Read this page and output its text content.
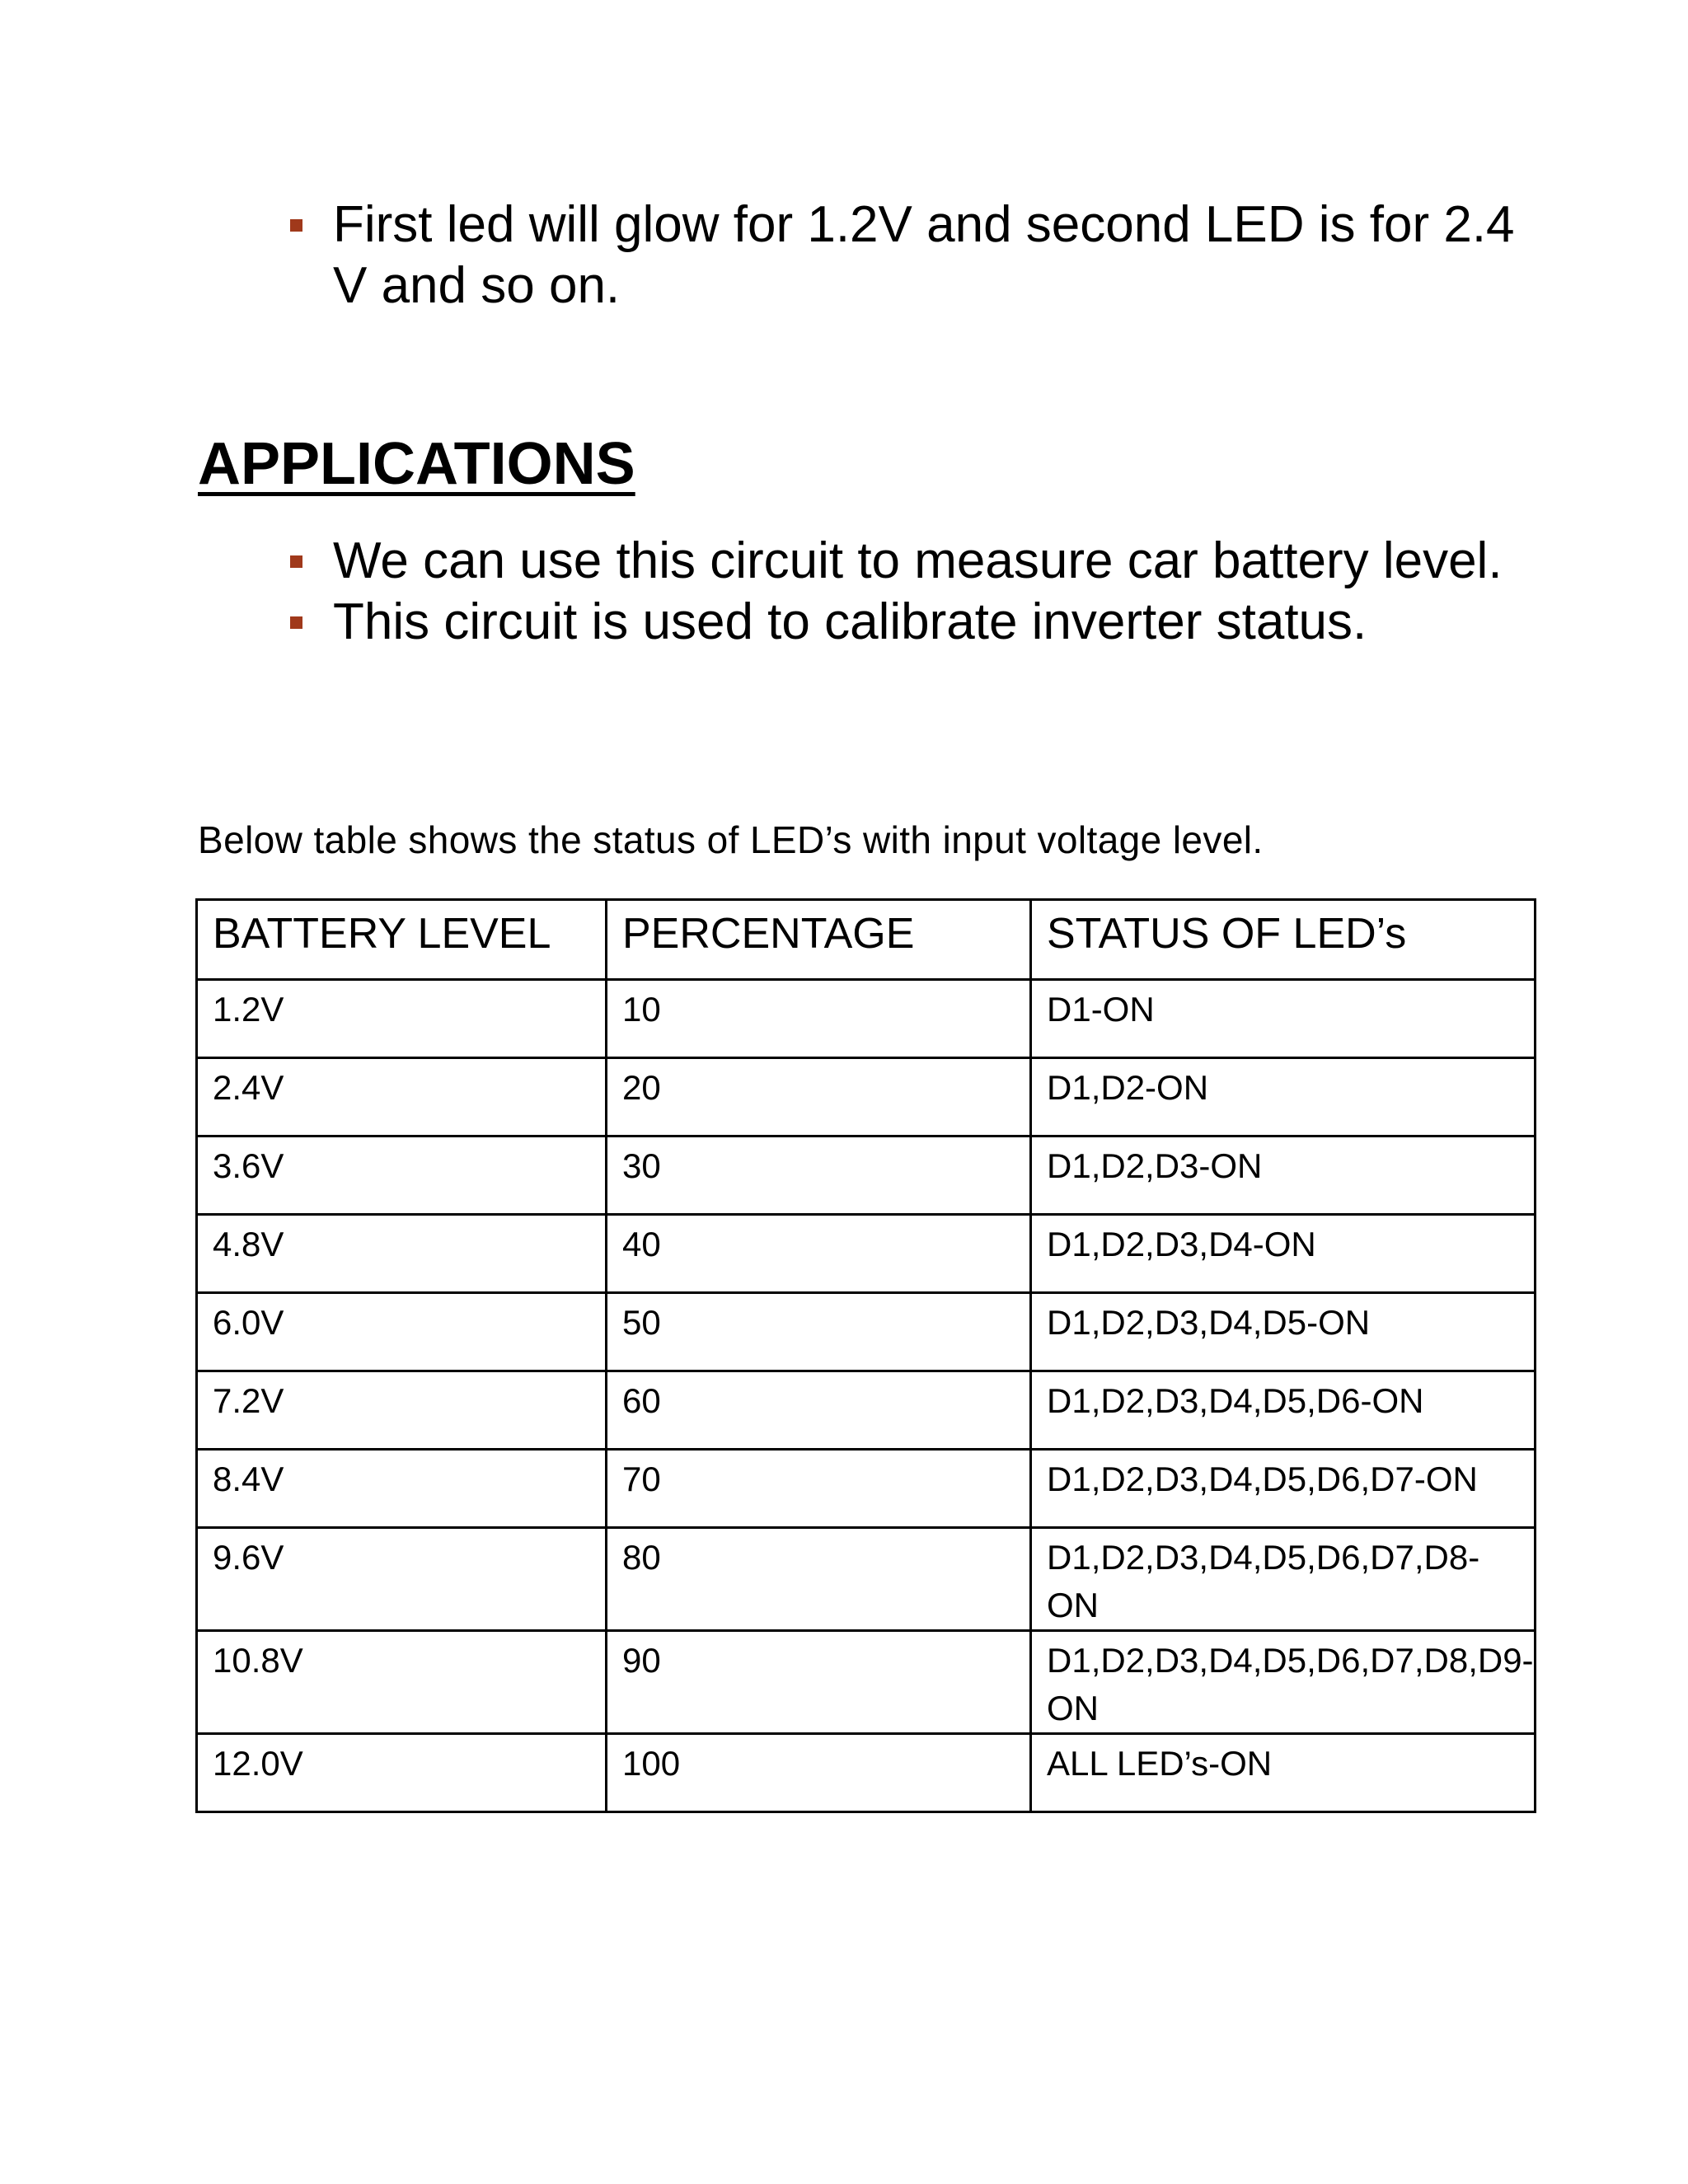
First led will glow for 1.2V and second LED is for 2.4 V and so on.
APPLICATIONS
We can use this circuit to measure car battery level.
This circuit is used to calibrate inverter status.

Below table shows the status of LED’s with input voltage level.

BATTERY LEVEL	PERCENTAGE	STATUS OF LED’s
1.2V	10	D1-ON
2.4V	20	D1,D2-ON
3.6V	30	D1,D2,D3-ON
4.8V	40	D1,D2,D3,D4-ON
6.0V	50	D1,D2,D3,D4,D5-ON
7.2V	60	D1,D2,D3,D4,D5,D6-ON
8.4V	70	D1,D2,D3,D4,D5,D6,D7-ON
9.6V	80	D1,D2,D3,D4,D5,D6,D7,D8-ON
10.8V	90	D1,D2,D3,D4,D5,D6,D7,D8,D9-ON
12.0V	100	ALL LED’s-ON
